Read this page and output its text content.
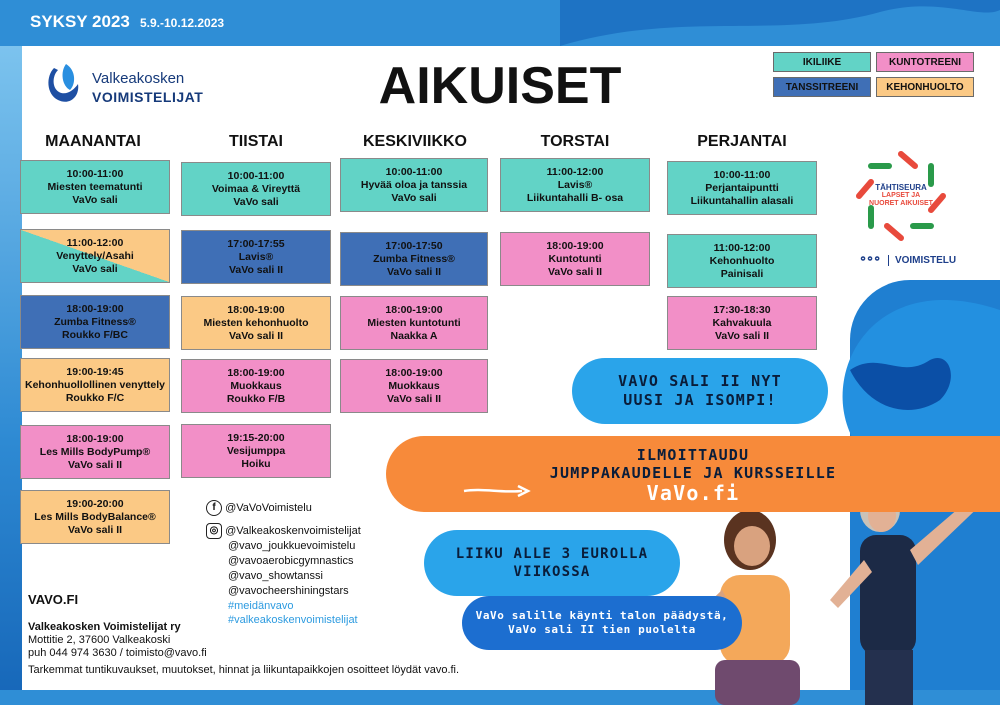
SYKSY 2023 5.9.-10.12.2023
Valkeakosken
VOIMISTELIJAT	AIKUISET	IKILIIKE	KUNTOTREENI
TANSSITREENI	KEHONHUOLTO
MAANANTAI	TIISTAI	KESKIVIIKKO	TORSTAI	PERJANTAI
10:00-11:00
Miesten teematunti
VaVo sali
11:00-12:00
Venyttely/Asahi
VaVo sali
18:00-19:00
Zumba Fitness®
Roukko F/BC
19:00-19:45
Kehonhuollollinen venyttely
Roukko F/C
18:00-19:00
Les Mills BodyPump®
VaVo sali II
19:00-20:00
Les Mills BodyBalance®
VaVo sali II
10:00-11:00
Voimaa & Vireyttä
VaVo sali
17:00-17:55
Lavis®
VaVo sali II
18:00-19:00
Miesten kehonhuolto
VaVo sali II
18:00-19:00
Muokkaus
Roukko F/B
19:15-20:00
Vesijumppa
Hoiku
10:00-11:00
Hyvää oloa ja tanssia
VaVo sali
17:00-17:50
Zumba Fitness®
VaVo sali II
18:00-19:00
Miesten kuntotunti
Naakka A
18:00-19:00
Muokkaus
VaVo sali II
11:00-12:00
Lavis®
Liikuntahalli B- osa
18:00-19:00
Kuntotunti
VaVo sali II
10:00-11:00
Perjantaipuntti
Liikuntahallin alasali
11:00-12:00
Kehonhuolto
Painisali
17:30-18:30
Kahvakuula
VaVo sali II
TÄHTISEURA
LAPSET JA NUORET AIKUISET
⚬⚬⚬ VOIMISTELU
VAVO SALI II NYT
UUSI JA ISOMPI!
ILMOITTAUDU
JUMPPAKAUDELLE JA KURSSEILLE
VaVo.fi
LIIKU ALLE 3 EUROLLA
VIIKOSSA
VaVo salille käynti talon päädystä,
VaVo sali II tien puolelta
f @VaVoVoimistelu
◎ @Valkeakoskenvoimistelijat
@vavo_joukkuevoimistelu
@vavoaerobicgymnastics
@vavo_showtanssi
@vavocheershiningstars
#meidänvavo
#valkeakoskenvoimistelijat
VAVO.FI
Valkeakosken Voimistelijat ry
Mottitie 2, 37600 Valkeakoski
puh 044 974 3630 / toimisto@vavo.fi
Tarkemmat tuntikuvaukset, muutokset, hinnat ja liikuntapaikkojen osoitteet löydät vavo.fi.
